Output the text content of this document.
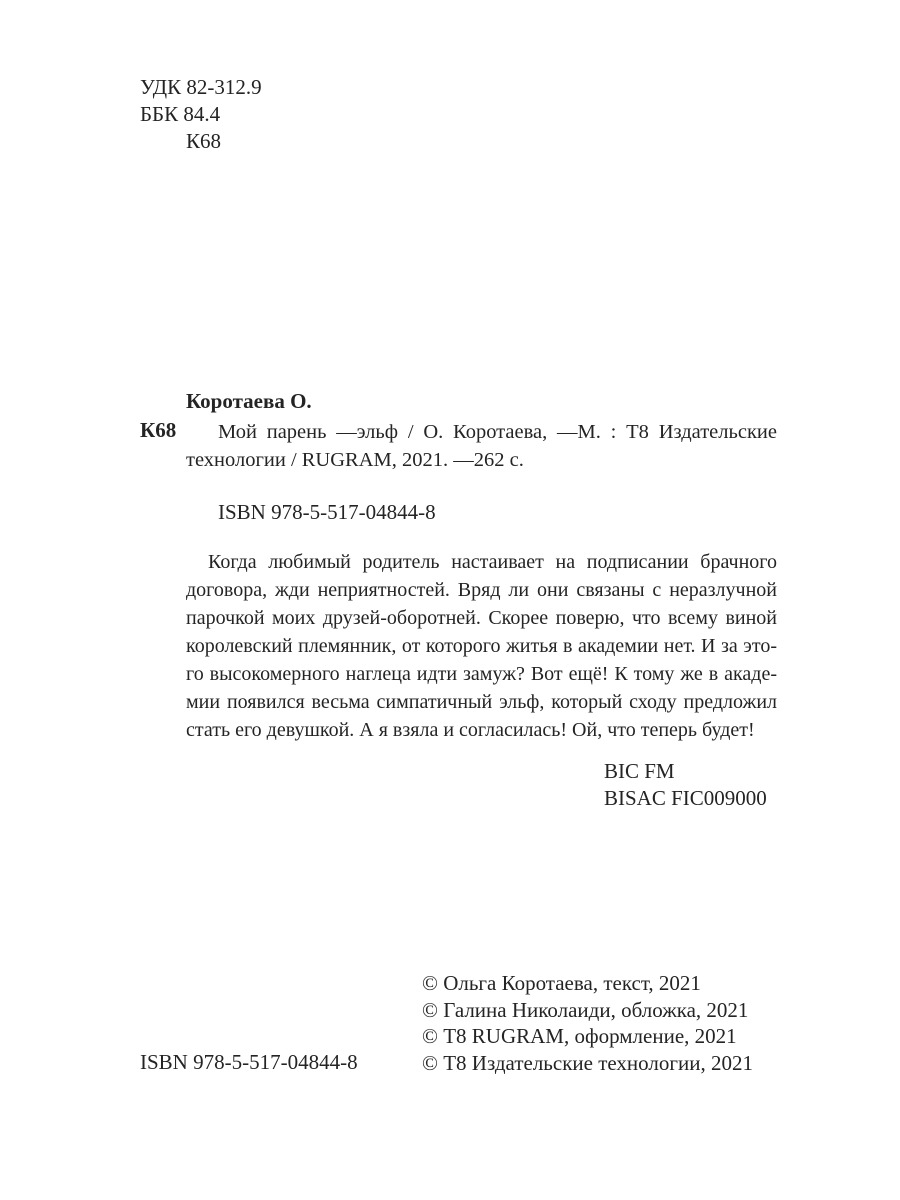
УДК 82-312.9
ББК 84.4
К68
Коротаева О.
К68	Мой парень —эльф / О. Коротаева, —М. : Т8 Издательские
технологии / RUGRAM, 2021. —262 с.
ISBN 978-5-517-04844-8
Когда любимый родитель настаивает на подписании брачного
договора, жди неприятностей. Вряд ли они связаны с неразлучной
парочкой моих друзей-оборотней. Скорее поверю, что всему виной
королевский племянник, от которого житья в академии нет. И за это-
го высокомерного наглеца идти замуж? Вот ещё! К тому же в акаде-
мии появился весьма симпатичный эльф, который сходу предложил
стать его девушкой. А я взяла и согласилась! Ой, что теперь будет!
BIC FM
BISAC FIC009000
© Ольга Коротаева, текст, 2021
© Галина Николаиди, обложка, 2021
© Т8 RUGRAM, оформление, 2021
© Т8 Издательские технологии, 2021
ISBN 978-5-517-04844-8
